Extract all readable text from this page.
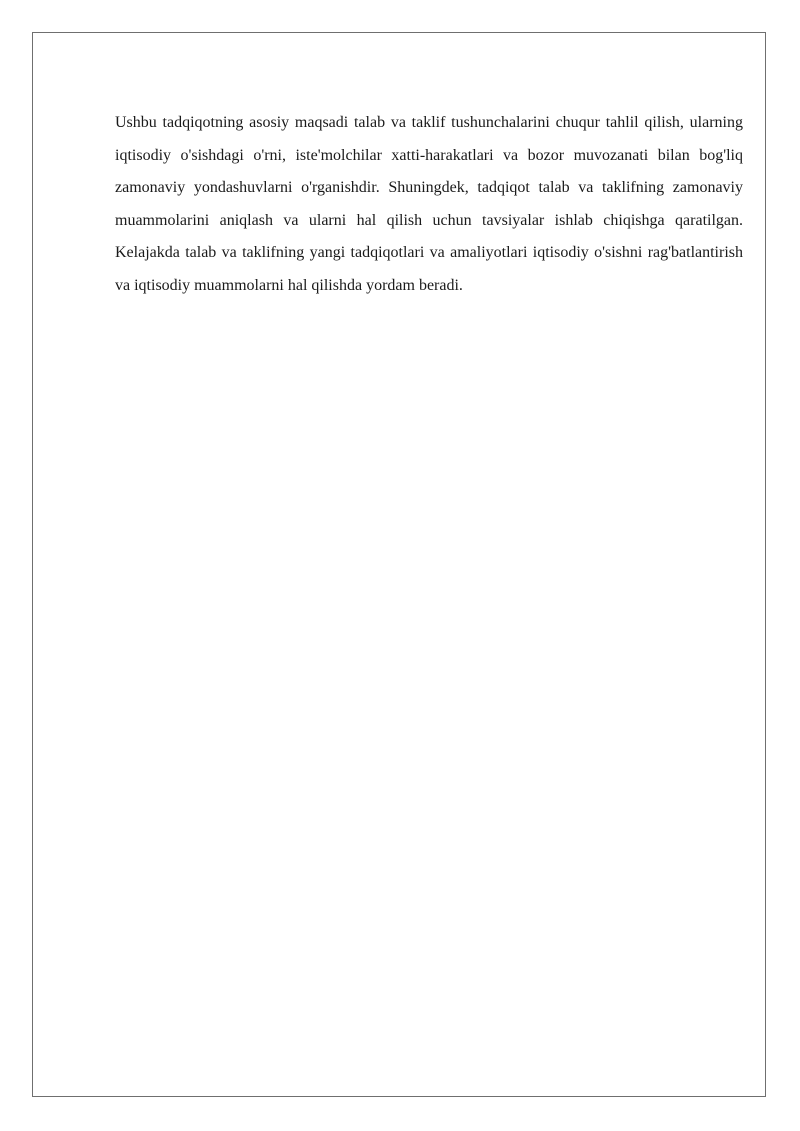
Ushbu tadqiqotning asosiy maqsadi talab va taklif tushunchalarini chuqur tahlil qilish, ularning iqtisodiy o'sishdagi o'rni, iste'molchilar xatti-harakatlari va bozor muvozanati bilan bog'liq zamonaviy yondashuvlarni o'rganishdir. Shuningdek, tadqiqot talab va taklifning zamonaviy muammolarini aniqlash va ularni hal qilish uchun tavsiyalar ishlab chiqishga qaratilgan. Kelajakda talab va taklifning yangi tadqiqotlari va amaliyotlari iqtisodiy o'sishni rag'batlantirish va iqtisodiy muammolarni hal qilishda yordam beradi.
